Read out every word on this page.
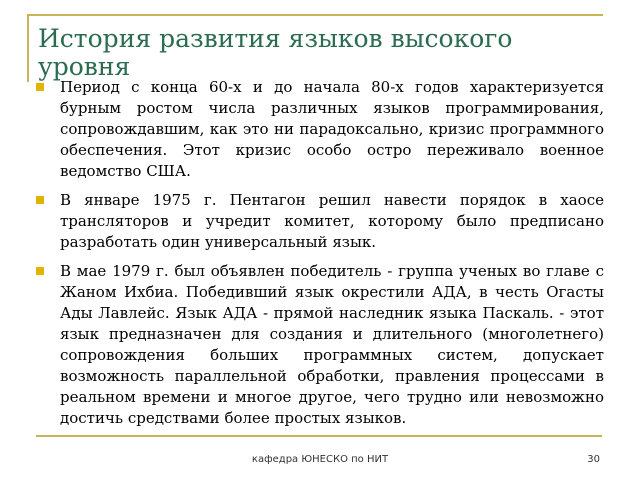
История развития языков высокого уровня
Период с конца 60-х и до начала 80-х годов характеризуется бурным ростом числа различных языков программирования, сопровождавшим, как это ни парадоксально, кризис программного обеспечения. Этот кризис особо остро переживало военное ведомство США.
В январе 1975 г. Пентагон решил навести порядок в хаосе трансляторов и учредит комитет, которому было предписано разработать один универсальный язык.
В мае 1979 г. был объявлен победитель - группа ученых во главе с Жаном Ихбиа. Победивший язык окрестили АДА, в честь Огасты Ады Лавлейс. Язык АДА - прямой наследник языка Паскаль. - этот язык предназначен для создания и длительного (многолетнего) сопровождения больших программных систем, допускает возможность параллельной обработки, правления процессами в реальном времени и многое другое, чего трудно или невозможно достичь средствами более простых языков.
кафедра ЮНЕСКО по НИТ	30
